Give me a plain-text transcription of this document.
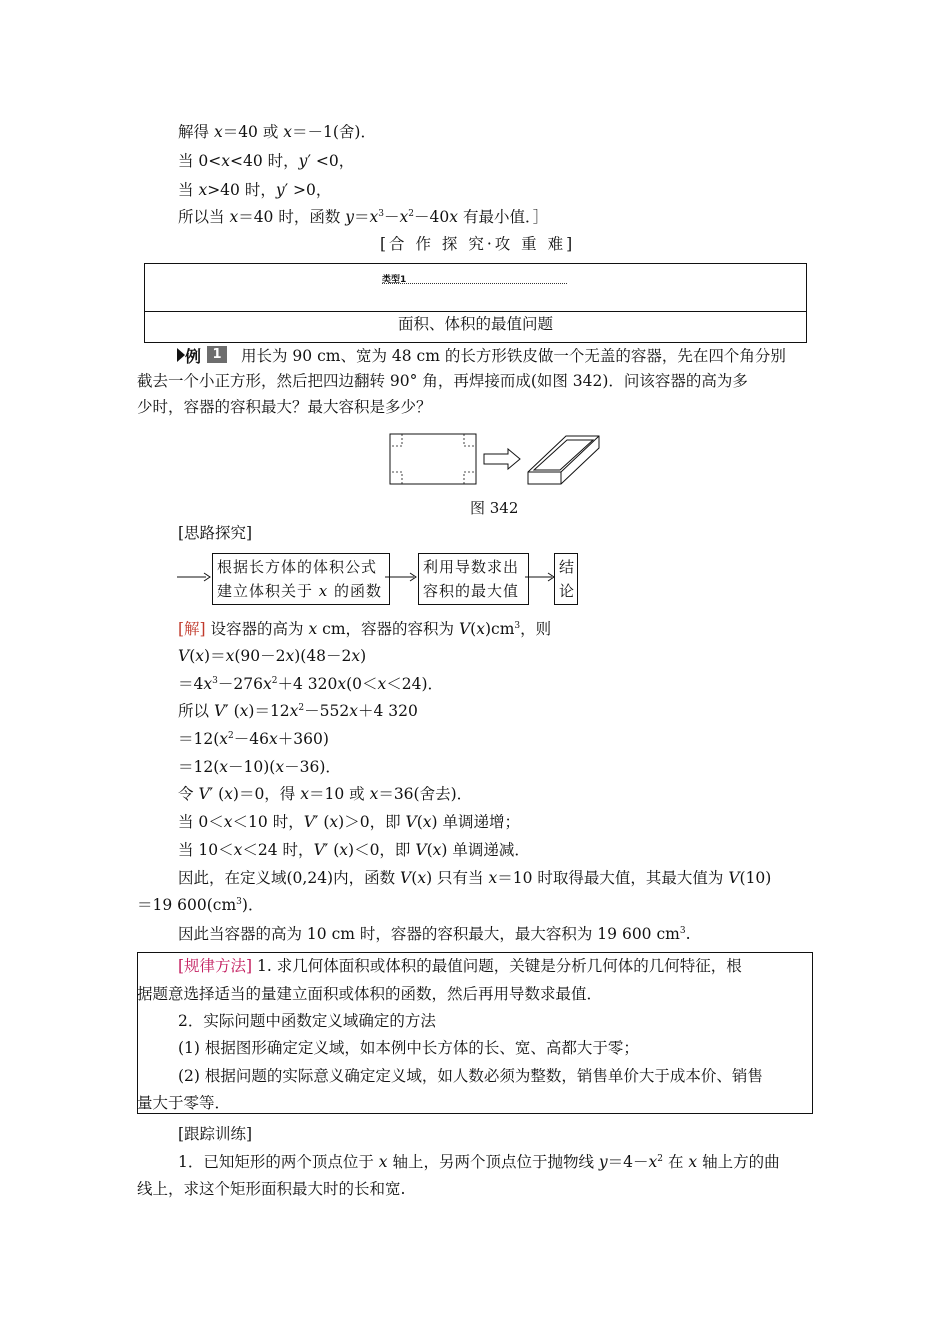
解得 x＝40 或 x＝－1(舍)．
当 0<x<40 时，y′ <0，
当 x>40 时，y′ >0，
所以当 x＝40 时，函数 $y=x^3-x^2-40x$ 有最小值．］
[合 作 探 究·攻 重 难]
类型1
面积、体积的最值问题
例 1	用长为 90 cm、宽为 48 cm 的长方形铁皮做一个无盖的容器，先在四个角分别
截去一个小正方形，然后把四边翻转 90° 角，再焊接而成(如图 342)．问该容器的高为多
少时，容器的容积最大？最大容积是多少？
图 342
[思路探究]
根据长方体的体积公式
建立体积关于 x 的函数
利用导数求出
容积的最大值
结
论
[解] 设容器的高为 x cm，容器的容积为 $V(x)cm^3$，则
V(x)＝x(90－2x)(48－2x)
$=4x^3-276x^2+4$ 320x(0＜x＜24)．
所以 V′ $(x)=12x^2-552x+4$ 320
$=12(x^2-46x+360)$
＝12(x－10)(x－36)．
令 V′ (x)＝0，得 x＝10 或 x＝36(舍去)．
当 0＜x＜10 时，V′ (x)＞0，即 V(x) 单调递增；
当 10＜x＜24 时，V′ (x)＜0，即 V(x) 单调递减．
因此，在定义域(0,24)内，函数 V(x) 只有当 x＝10 时取得最大值，其最大值为 V(10)
＝19 $600(cm^3)$．
因此当容器的高为 10 cm 时，容器的容积最大，最大容积为 19 600 $cm^3$.
[规律方法] 1. 求几何体面积或体积的最值问题，关键是分析几何体的几何特征，根
据题意选择适当的量建立面积或体积的函数，然后再用导数求最值．
2．实际问题中函数定义域确定的方法
(1) 根据图形确定定义域，如本例中长方体的长、宽、高都大于零；
(2) 根据问题的实际意义确定定义域，如人数必须为整数，销售单价大于成本价、销售
量大于零等．
[跟踪训练]
1．已知矩形的两个顶点位于 x 轴上，另两个顶点位于抛物线 $y=4-x^2$ 在 x 轴上方的曲
线上，求这个矩形面积最大时的长和宽.
